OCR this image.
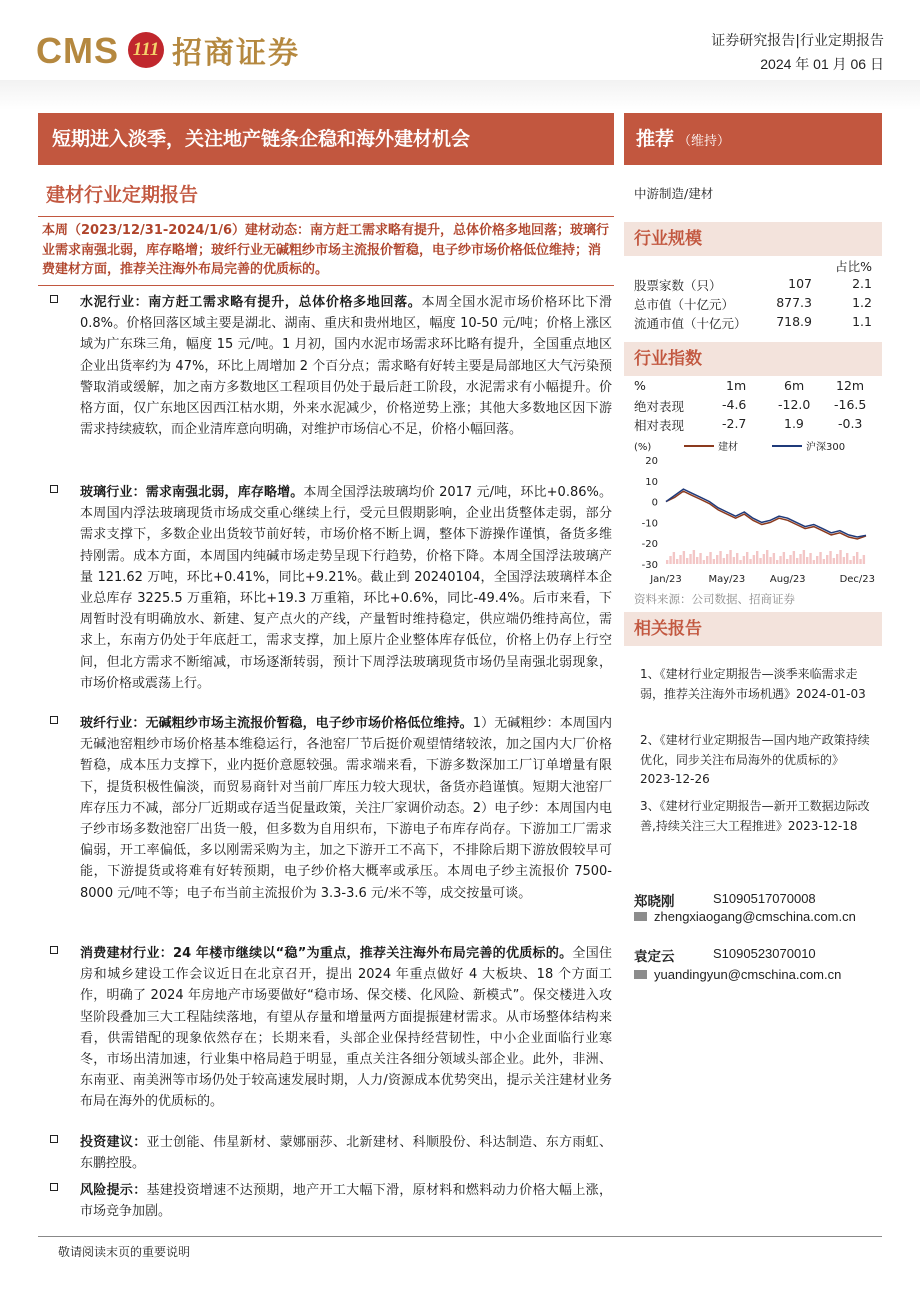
CMS 111 招商证券	证券研究报告|行业定期报告
2024 年 01 月 06 日
短期进入淡季，关注地产链条企稳和海外建材机会	推荐 （维持）
建材行业定期报告
本周（2023/12/31-2024/1/6）建材动态：南方赶工需求略有提升，总体价格多地回落；玻璃行业需求南强北弱，库存略增；玻纤行业无碱粗纱市场主流报价暂稳，电子纱市场价格低位维持；消费建材方面，推荐关注海外布局完善的优质标的。
水泥行业：南方赶工需求略有提升，总体价格多地回落。本周全国水泥市场价格环比下滑 0.8%。价格回落区域主要是湖北、湖南、重庆和贵州地区，幅度 10-50 元/吨；价格上涨区域为广东珠三角，幅度 15 元/吨。1 月初，国内水泥市场需求环比略有提升，全国重点地区企业出货率约为 47%，环比上周增加 2 个百分点；需求略有好转主要是局部地区大气污染预警取消或缓解，加之南方多数地区工程项目仍处于最后赶工阶段，水泥需求有小幅提升。价格方面，仅广东地区因西江枯水期，外来水泥减少，价格逆势上涨；其他大多数地区因下游需求持续疲软，而企业清库意向明确，对维护市场信心不足，价格小幅回落。
玻璃行业：需求南强北弱，库存略增。本周全国浮法玻璃均价 2017 元/吨，环比+0.86%。本周国内浮法玻璃现货市场成交重心继续上行，受元旦假期影响，企业出货整体走弱，部分需求支撑下，多数企业出货较节前好转，市场价格不断上调，整体下游操作谨慎，备货多维持刚需。成本方面，本周国内纯碱市场走势呈现下行趋势，价格下降。本周全国浮法玻璃产量 121.62 万吨，环比+0.41%，同比+9.21%。截止到 20240104，全国浮法玻璃样本企业总库存 3225.5 万重箱，环比+19.3 万重箱，环比+0.6%，同比-49.4%。后市来看，下周暂时没有明确放水、新建、复产点火的产线，产量暂时维持稳定，供应端仍维持高位，需求上，东南方仍处于年底赶工，需求支撑，加上原片企业整体库存低位，价格上仍存上行空间，但北方需求不断缩减，市场逐渐转弱，预计下周浮法玻璃现货市场仍呈南强北弱现象，市场价格或震荡上行。
玻纤行业：无碱粗纱市场主流报价暂稳，电子纱市场价格低位维持。1）无碱粗纱：本周国内无碱池窑粗纱市场价格基本维稳运行，各池窑厂节后挺价观望情绪较浓，加之国内大厂价格暂稳，成本压力支撑下，业内挺价意愿较强。需求端来看，下游多数深加工厂订单增量有限下，提货积极性偏淡，而贸易商针对当前厂库压力较大现状，备货亦趋谨慎。短期大池窑厂库存压力不减，部分厂近期或存适当促量政策，关注厂家调价动态。2）电子纱：本周国内电子纱市场多数池窑厂出货一般，但多数为自用织布，下游电子布库存尚存。下游加工厂需求偏弱，开工率偏低，多以刚需采购为主，加之下游开工不高下，不排除后期下游放假较早可能，下游提货或将难有好转预期，电子纱价格大概率或承压。本周电子纱主流报价 7500-8000 元/吨不等；电子布当前主流报价为 3.3-3.6 元/米不等，成交按量可谈。
消费建材行业：24 年楼市继续以“稳”为重点，推荐关注海外布局完善的优质标的。全国住房和城乡建设工作会议近日在北京召开，提出 2024 年重点做好 4 大板块、18 个方面工作，明确了 2024 年房地产市场要做好“稳市场、保交楼、化风险、新模式”。保交楼进入攻坚阶段叠加三大工程陆续落地，有望从存量和增量两方面提振建材需求。从市场整体结构来看，供需错配的现象依然存在；长期来看，头部企业保持经营韧性，中小企业面临行业寒冬，市场出清加速，行业集中格局趋于明显，重点关注各细分领域头部企业。此外，非洲、东南亚、南美洲等市场仍处于较高速发展时期，人力/资源成本优势突出，提示关注建材业务布局在海外的优质标的。
投资建议：亚士创能、伟星新材、蒙娜丽莎、北新建材、科顺股份、科达制造、东方雨虹、东鹏控股。
风险提示：基建投资增速不达预期，地产开工大幅下滑，原材料和燃料动力价格大幅上涨，市场竞争加剧。
中游制造/建材
行业规模
占比%
股票家数（只）	107	2.1
总市值（十亿元）	877.3	1.2
流通市值（十亿元） 718.9	1.1
行业指数
%	1m	6m	12m
绝对表现	-4.6	-12.0 -16.5
相对表现	-2.7	1.9	-0.3
(%)
20
10
0
-10
-20
-30
Jan/23	May/23 Aug/23	Dec/23
建材	沪深300
资料来源：公司数据、招商证券
相关报告
1、《建材行业定期报告—淡季来临需求走弱，推荐关注海外市场机遇》2024-01-03
2、《建材行业定期报告—国内地产政策持续优化，同步关注布局海外的优质标的》2023-12-26
3、《建材行业定期报告—新开工数据边际改善,持续关注三大工程推进》2023-12-18
郑晓刚	S1090517070008
zhengxiaogang@cmschina.com.cn
袁定云	S1090523070010
yuandingyun@cmschina.com.cn
敬请阅读末页的重要说明
